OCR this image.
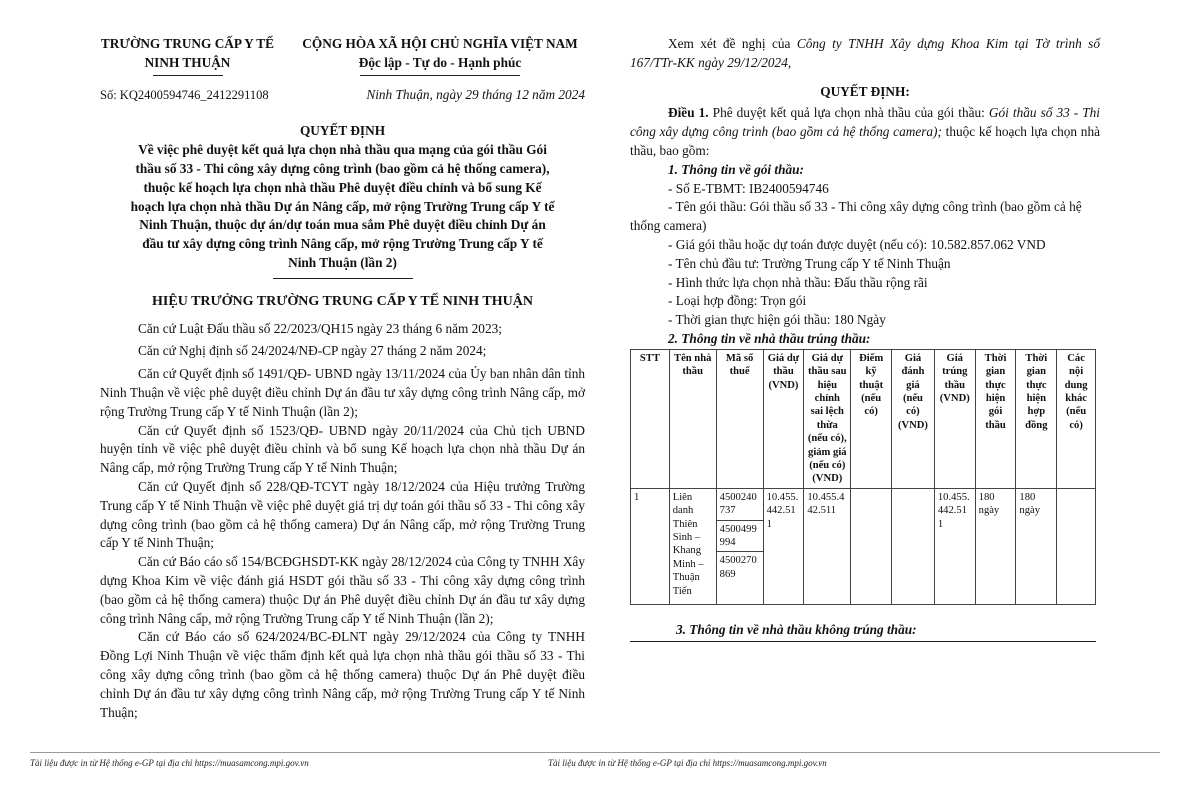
TRƯỜNG TRUNG CẤP Y TẾ
NINH THUẬN
CỘNG HÒA XÃ HỘI CHỦ NGHĨA VIỆT NAM
Độc lập - Tự do - Hạnh phúc
Số: KQ2400594746_2412291108	Ninh Thuận, ngày 29 tháng 12 năm 2024
QUYẾT ĐỊNH
Về việc phê duyệt kết quả lựa chọn nhà thầu qua mạng của gói thầu Gói
thầu số 33 - Thi công xây dựng công trình (bao gồm cả hệ thống camera),
thuộc kế hoạch lựa chọn nhà thầu Phê duyệt điều chỉnh và bổ sung Kế
hoạch lựa chọn nhà thầu Dự án Nâng cấp, mở rộng Trường Trung cấp Y tế
Ninh Thuận, thuộc dự án/dự toán mua sắm Phê duyệt điều chỉnh Dự án
đầu tư xây dựng công trình Nâng cấp, mở rộng Trường Trung cấp Y tế
Ninh Thuận (lần 2)
HIỆU TRƯỞNG TRƯỜNG TRUNG CẤP Y TẾ NINH THUẬN

Căn cứ Luật Đấu thầu số 22/2023/QH15 ngày 23 tháng 6 năm 2023;

Căn cứ Nghị định số 24/2024/NĐ-CP ngày 27 tháng 2 năm 2024;

Căn cứ Quyết định số 1491/QĐ- UBND ngày 13/11/2024 của Ủy ban nhân dân tỉnh Ninh Thuận về việc phê duyệt điều chỉnh Dự án đầu tư xây dựng công trình Nâng cấp, mở rộng Trường Trung cấp Y tế Ninh Thuận (lần 2);

Căn cứ Quyết định số 1523/QĐ- UBND ngày 20/11/2024 của Chủ tịch UBND huyện tỉnh về việc phê duyệt điều chỉnh và bổ sung Kế hoạch lựa chọn nhà thầu Dự án Nâng cấp, mở rộng Trường Trung cấp Y tế Ninh Thuận;

Căn cứ Quyết định số 228/QĐ-TCYT ngày 18/12/2024 của Hiệu trưởng Trường Trung cấp Y tế Ninh Thuận về việc phê duyệt giá trị dự toán gói thầu số 33 - Thi công xây dựng công trình (bao gồm cả hệ thống camera) Dự án Nâng cấp, mở rộng Trường Trung cấp Y tế Ninh Thuận;

Căn cứ Báo cáo số 154/BCĐGHSDT-KK ngày 28/12/2024 của Công ty TNHH Xây dựng Khoa Kim về việc đánh giá HSDT gói thầu số 33 - Thi công xây dựng công trình (bao gồm cả hệ thống camera) thuộc Dự án Phê duyệt điều chỉnh Dự án đầu tư xây dựng công trình Nâng cấp, mở rộng Trường Trung cấp Y tế Ninh Thuận (lần 2);

Căn cứ Báo cáo số 624/2024/BC-ĐLNT ngày 29/12/2024 của Công ty TNHH Đồng Lợi Ninh Thuận về việc thẩm định kết quả lựa chọn nhà thầu gói thầu số 33 - Thi công xây dựng công trình (bao gồm cả hệ thống camera) thuộc Dự án Phê duyệt điều chỉnh Dự án đầu tư xây dựng công trình Nâng cấp, mở rộng Trường Trung cấp Y tế Ninh Thuận;

Xem xét đề nghị của Công ty TNHH Xây dựng Khoa Kim tại Tờ trình số 167/TTr-KK ngày 29/12/2024,

QUYẾT ĐỊNH:

Điều 1. Phê duyệt kết quả lựa chọn nhà thầu của gói thầu: Gói thầu số 33 - Thi công xây dựng công trình (bao gồm cả hệ thống camera); thuộc kế hoạch lựa chọn nhà thầu, bao gồm:

1. Thông tin về gói thầu:

- Số E-TBMT: IB2400594746

- Tên gói thầu: Gói thầu số 33 - Thi công xây dựng công trình (bao gồm cả hệ thống camera)

- Giá gói thầu hoặc dự toán được duyệt (nếu có): 10.582.857.062 VND

- Tên chủ đầu tư: Trường Trung cấp Y tế Ninh Thuận

- Hình thức lựa chọn nhà thầu: Đấu thầu rộng rãi

- Loại hợp đồng: Trọn gói

- Thời gian thực hiện gói thầu: 180 Ngày

2. Thông tin về nhà thầu trúng thầu:
STT	Tên nhà thầu	Mã số thuế	Giá dự thầu (VND)	Giá dự thầu sau hiệu chỉnh sai lệch thừa (nếu có), giảm giá (nếu có) (VND)	Điểm kỹ thuật (nếu có)	Giá đánh giá (nếu có) (VND)	Giá trúng thầu (VND)	Thời gian thực hiện gói thầu	Thời gian thực hiện hợp đồng	Các nội dung khác (nếu có)
1	Liên danh Thiên Sinh – Khang Minh – Thuận Tiến	4500240737
4500499994
4500270869	10.455.442.511	10.455.442.511			10.455.442.511	180 ngày	180 ngày	
3. Thông tin về nhà thầu không trúng thầu:
Tài liệu được in từ Hệ thống e-GP tại địa chỉ https://muasamcong.mpi.gov.vn	Tài liệu được in từ Hệ thống e-GP tại địa chỉ https://muasamcong.mpi.gov.vn
